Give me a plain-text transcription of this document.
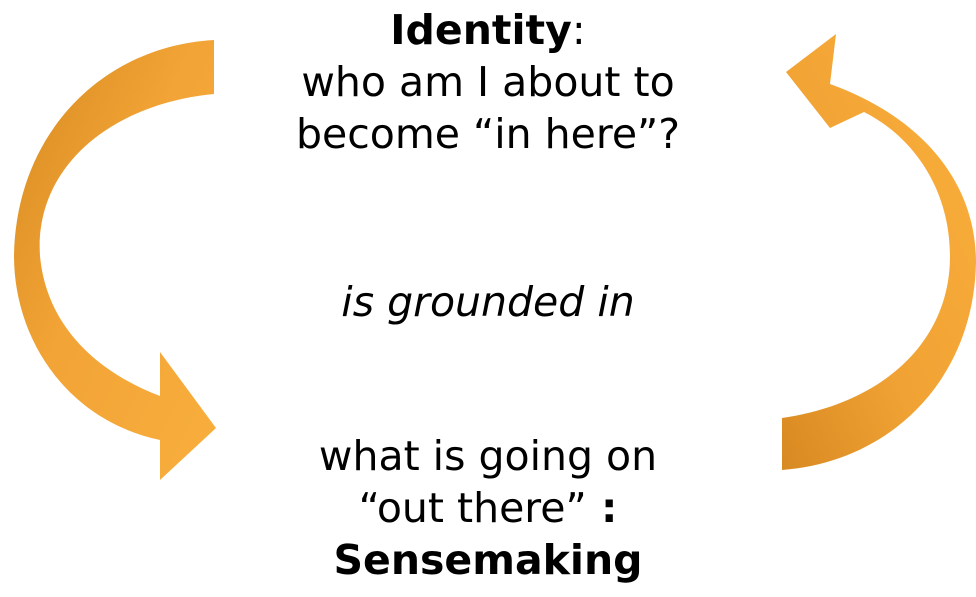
Identity:
who am I about to
become “in here”?
is grounded in
what is going on
“out there” :
Sensemaking
